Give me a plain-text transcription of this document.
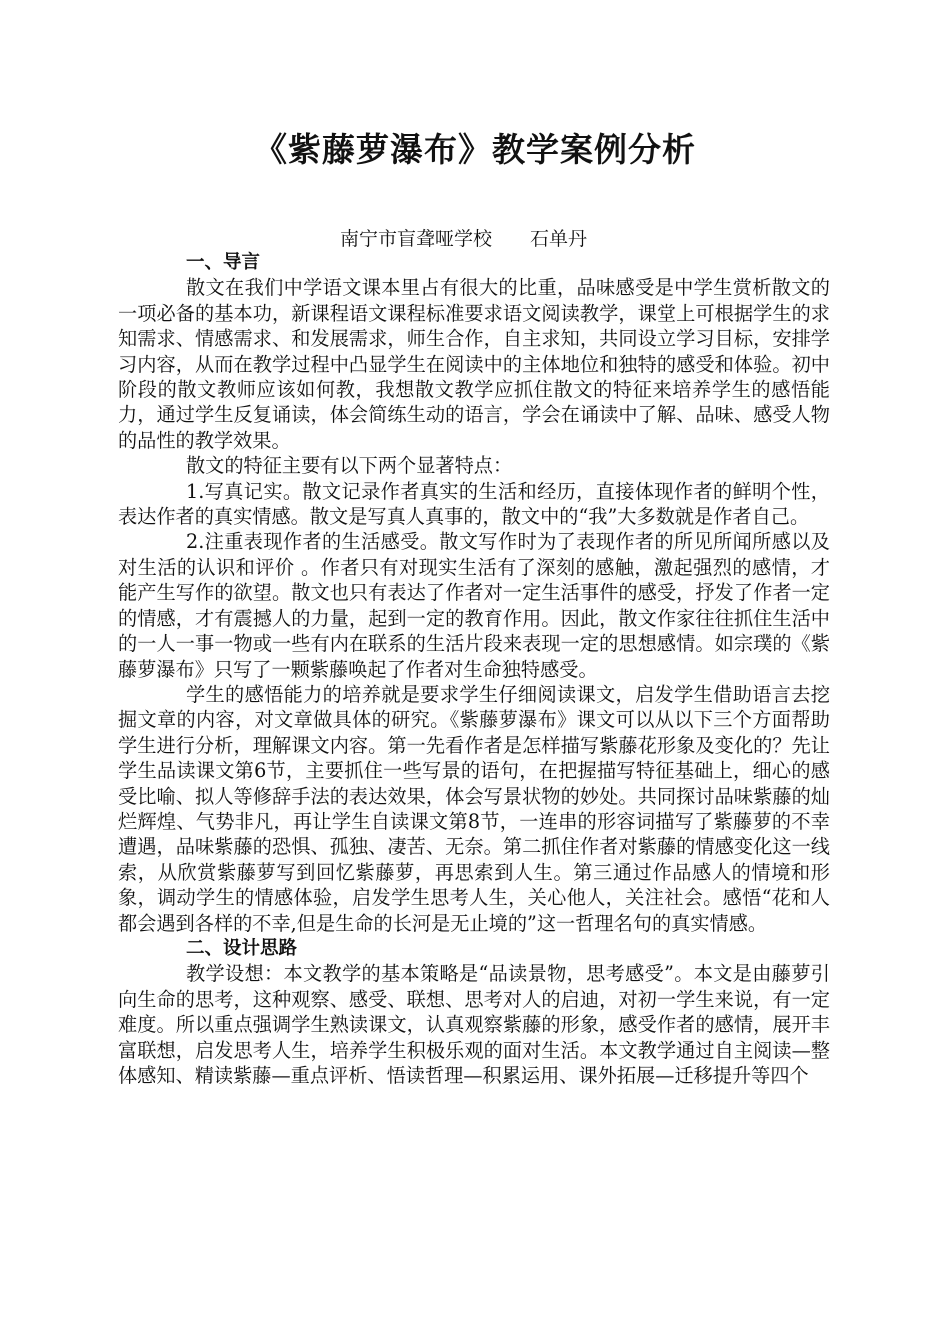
《紫藤萝瀑布》教学案例分析
南宁市盲聋哑学校　　石单丹
一、导言

散文在我们中学语文课本里占有很大的比重，品味感受是中学生赏析散文的一项必备的基本功，新课程语文课程标准要求语文阅读教学，课堂上可根据学生的求知需求、情感需求、和发展需求，师生合作，自主求知，共同设立学习目标，安排学习内容，从而在教学过程中凸显学生在阅读中的主体地位和独特的感受和体验。初中阶段的散文教师应该如何教，我想散文教学应抓住散文的特征来培养学生的感悟能力，通过学生反复诵读，体会简练生动的语言，学会在诵读中了解、品味、感受人物的品性的教学效果。

散文的特征主要有以下两个显著特点：

1.写真记实。散文记录作者真实的生活和经历，直接体现作者的鲜明个性，表达作者的真实情感。散文是写真人真事的，散文中的“我”大多数就是作者自己。

2.注重表现作者的生活感受。散文写作时为了表现作者的所见所闻所感以及对生活的认识和评价 。作者只有对现实生活有了深刻的感触，激起强烈的感情，才能产生写作的欲望。散文也只有表达了作者对一定生活事件的感受，抒发了作者一定的情感，才有震撼人的力量，起到一定的教育作用。因此，散文作家往往抓住生活中的一人一事一物或一些有内在联系的生活片段来表现一定的思想感情。如宗璞的《紫藤萝瀑布》只写了一颗紫藤唤起了作者对生命独特感受。

学生的感悟能力的培养就是要求学生仔细阅读课文，启发学生借助语言去挖掘文章的内容，对文章做具体的研究。《紫藤萝瀑布》课文可以从以下三个方面帮助学生进行分析，理解课文内容。第一先看作者是怎样描写紫藤花形象及变化的？先让学生品读课文第6节，主要抓住一些写景的语句，在把握描写特征基础上，细心的感受比喻、拟人等修辞手法的表达效果，体会写景状物的妙处。共同探讨品味紫藤的灿烂辉煌、气势非凡，再让学生自读课文第8节，一连串的形容词描写了紫藤萝的不幸遭遇，品味紫藤的恐惧、孤独、凄苦、无奈。第二抓住作者对紫藤的情感变化这一线索，从欣赏紫藤萝写到回忆紫藤萝，再思索到人生。第三通过作品感人的情境和形象，调动学生的情感体验，启发学生思考人生，关心他人，关注社会。感悟“花和人都会遇到各样的不幸,但是生命的长河是无止境的”这一哲理名句的真实情感。

二、设计思路

教学设想：本文教学的基本策略是“品读景物，思考感受”。本文是由藤萝引向生命的思考，这种观察、感受、联想、思考对人的启迪，对初一学生来说，有一定难度。所以重点强调学生熟读课文，认真观察紫藤的形象，感受作者的感情，展开丰富联想，启发思考人生，培养学生积极乐观的面对生活。本文教学通过自主阅读—整体感知、精读紫藤—重点评析、悟读哲理—积累运用、课外拓展—迁移提升等四个
